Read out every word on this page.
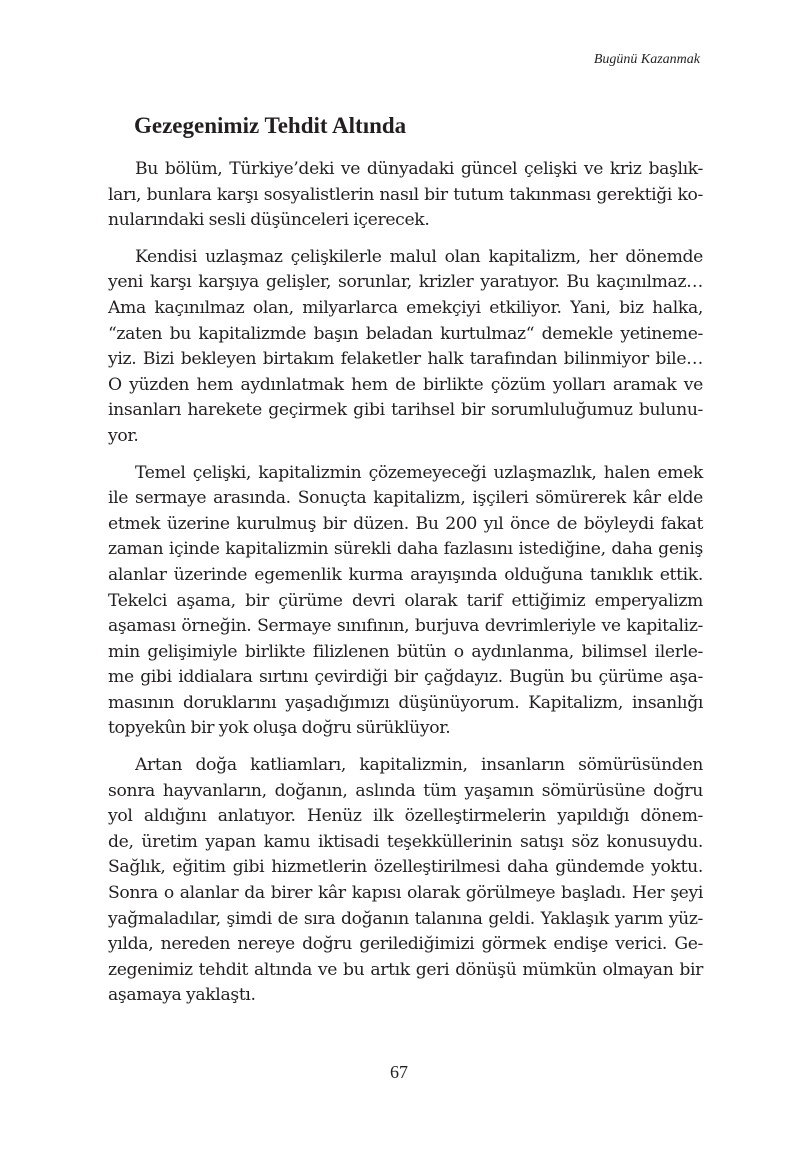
Bugünü Kazanmak
Gezegenimiz Tehdit Altında

Bu bölüm, Türkiye’deki ve dünyadaki güncel çelişki ve kriz başlık-
ları, bunlara karşı sosyalistlerin nasıl bir tutum takınması gerektiği ko-
nularındaki sesli düşünceleri içerecek.

Kendisi uzlaşmaz çelişkilerle malul olan kapitalizm, her dönemde
yeni karşı karşıya gelişler, sorunlar, krizler yaratıyor. Bu kaçınılmaz…
Ama kaçınılmaz olan, milyarlarca emekçiyi etkiliyor. Yani, biz halka,
“zaten bu kapitalizmde başın beladan kurtulmaz“ demekle yetineme-
yiz. Bizi bekleyen birtakım felaketler halk tarafından bilinmiyor bile…
O yüzden hem aydınlatmak hem de birlikte çözüm yolları aramak ve
insanları harekete geçirmek gibi tarihsel bir sorumluluğumuz bulunu-
yor.

Temel çelişki, kapitalizmin çözemeyeceği uzlaşmazlık, halen emek
ile sermaye arasında. Sonuçta kapitalizm, işçileri sömürerek kâr elde
etmek üzerine kurulmuş bir düzen. Bu 200 yıl önce de böyleydi fakat
zaman içinde kapitalizmin sürekli daha fazlasını istediğine, daha geniş
alanlar üzerinde egemenlik kurma arayışında olduğuna tanıklık ettik.
Tekelci aşama, bir çürüme devri olarak tarif ettiğimiz emperyalizm
aşaması örneğin. Sermaye sınıfının, burjuva devrimleriyle ve kapitaliz-
min gelişimiyle birlikte filizlenen bütün o aydınlanma, bilimsel ilerle-
me gibi iddialara sırtını çevirdiği bir çağdayız. Bugün bu çürüme aşa-
masının doruklarını yaşadığımızı düşünüyorum. Kapitalizm, insanlığı
topyekûn bir yok oluşa doğru sürüklüyor.

Artan doğa katliamları, kapitalizmin, insanların sömürüsünden
sonra hayvanların, doğanın, aslında tüm yaşamın sömürüsüne doğru
yol aldığını anlatıyor. Henüz ilk özelleştirmelerin yapıldığı dönem-
de, üretim yapan kamu iktisadi teşekküllerinin satışı söz konusuydu.
Sağlık, eğitim gibi hizmetlerin özelleştirilmesi daha gündemde yoktu.
Sonra o alanlar da birer kâr kapısı olarak görülmeye başladı. Her şeyi
yağmaladılar, şimdi de sıra doğanın talanına geldi. Yaklaşık yarım yüz-
yılda, nereden nereye doğru gerilediğimizi görmek endişe verici. Ge-
zegenimiz tehdit altında ve bu artık geri dönüşü mümkün olmayan bir
aşamaya yaklaştı.

67
